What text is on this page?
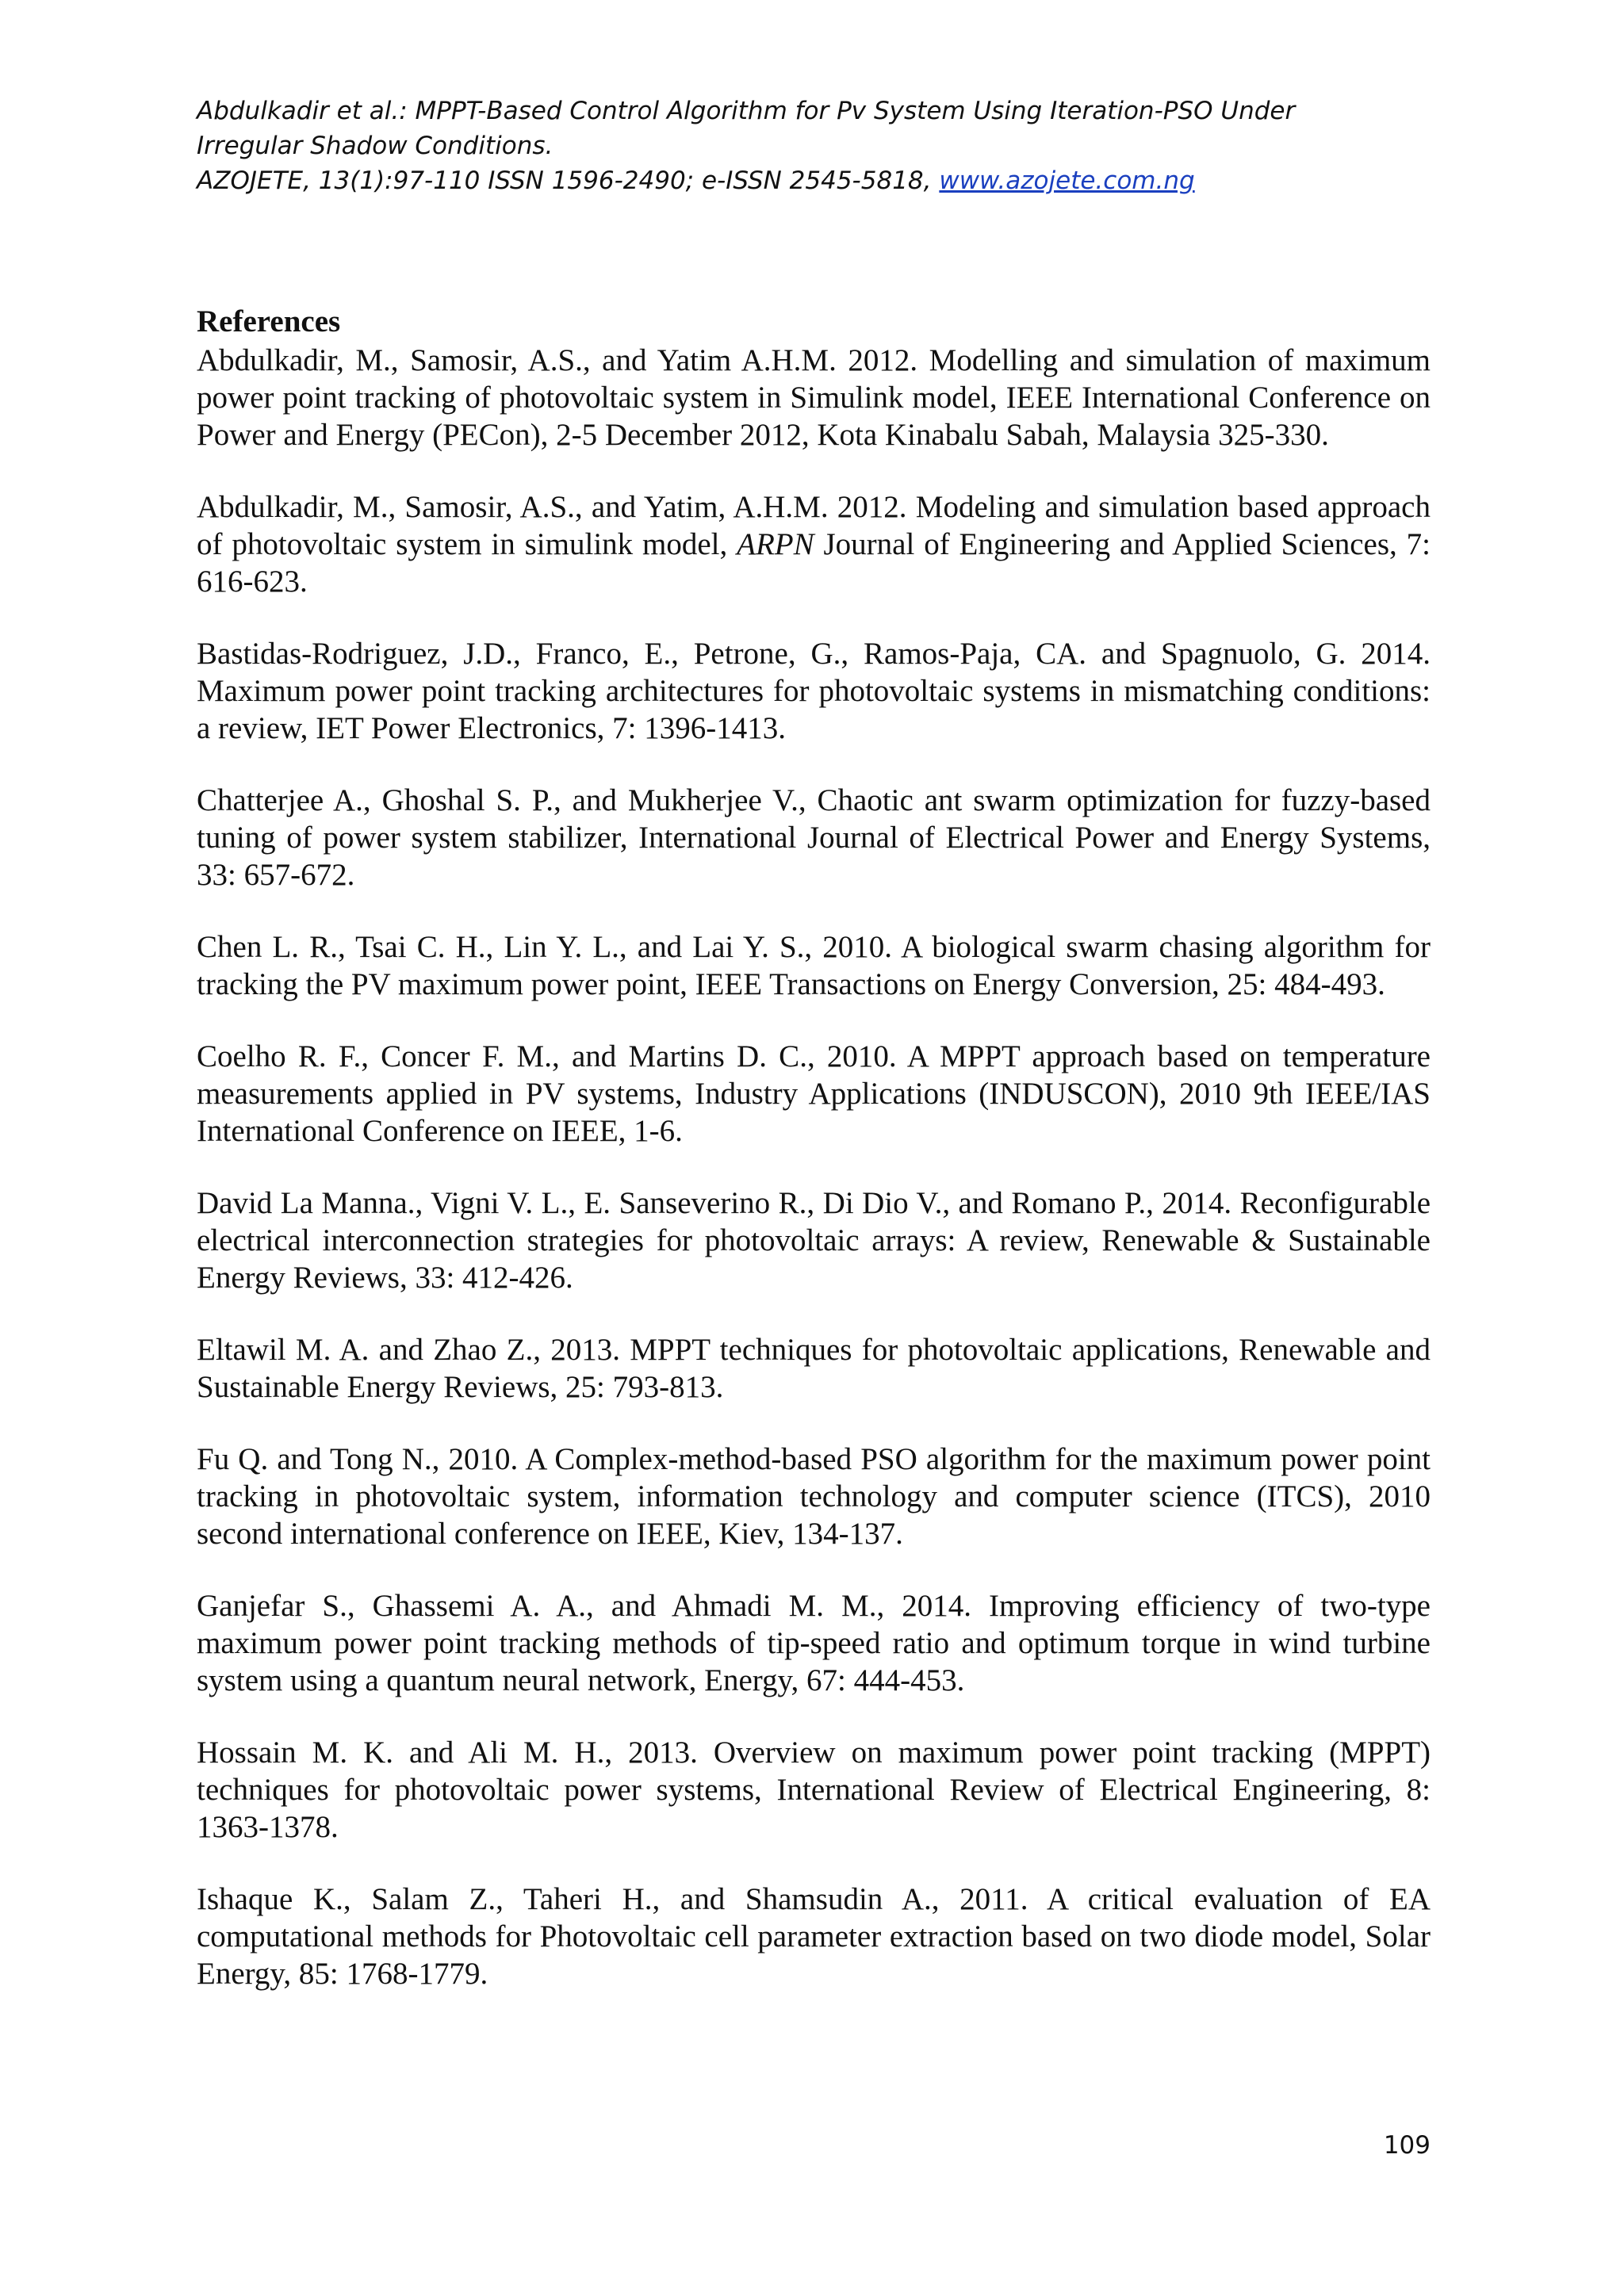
Abdulkadir et al.: MPPT-Based Control Algorithm for Pv System Using Iteration-PSO Under
Irregular Shadow Conditions.
AZOJETE, 13(1):97-110 ISSN 1596-2490; e-ISSN 2545-5818, www.azojete.com.ng
References

Abdulkadir, M., Samosir, A.S., and Yatim A.H.M. 2012. Modelling and simulation of maximum power point tracking of photovoltaic system in Simulink model, IEEE International Conference on Power and Energy (PECon), 2-5 December 2012, Kota Kinabalu Sabah, Malaysia 325-330.

Abdulkadir, M., Samosir, A.S., and Yatim, A.H.M. 2012. Modeling and simulation based approach of photovoltaic system in simulink model, ARPN Journal of Engineering and Applied Sciences, 7: 616-623.

Bastidas-Rodriguez, J.D., Franco, E., Petrone, G., Ramos-Paja, CA. and Spagnuolo, G. 2014. Maximum power point tracking architectures for photovoltaic systems in mismatching conditions: a review, IET Power Electronics, 7: 1396-1413.

Chatterjee A., Ghoshal S. P., and Mukherjee V., Chaotic ant swarm optimization for fuzzy-based tuning of power system stabilizer, International Journal of Electrical Power and Energy Systems, 33: 657-672.

Chen L. R., Tsai C. H., Lin Y. L., and Lai Y. S., 2010. A biological swarm chasing algorithm for tracking the PV maximum power point, IEEE Transactions on Energy Conversion, 25: 484-493.

Coelho R. F., Concer F. M., and Martins D. C., 2010. A MPPT approach based on temperature measurements applied in PV systems, Industry Applications (INDUSCON), 2010 9th IEEE/IAS International Conference on IEEE, 1-6.

David La Manna., Vigni V. L., E. Sanseverino R., Di Dio V., and Romano P., 2014. Reconfigurable electrical interconnection strategies for photovoltaic arrays: A review, Renewable & Sustainable Energy Reviews, 33: 412-426.

Eltawil M. A. and Zhao Z., 2013. MPPT techniques for photovoltaic applications, Renewable and Sustainable Energy Reviews, 25: 793-813.

Fu Q. and Tong N., 2010. A Complex-method-based PSO algorithm for the maximum power point tracking in photovoltaic system, information technology and computer science (ITCS), 2010 second international conference on IEEE, Kiev, 134-137.

Ganjefar S., Ghassemi A. A., and Ahmadi M. M., 2014. Improving efficiency of two-type maximum power point tracking methods of tip-speed ratio and optimum torque in wind turbine system using a quantum neural network, Energy, 67: 444-453.

Hossain M. K. and Ali M. H., 2013. Overview on maximum power point tracking (MPPT) techniques for photovoltaic power systems, International Review of Electrical Engineering, 8: 1363-1378.

Ishaque K., Salam Z., Taheri H., and Shamsudin A., 2011. A critical evaluation of EA computational methods for Photovoltaic cell parameter extraction based on two diode model, Solar Energy, 85: 1768-1779.

109
